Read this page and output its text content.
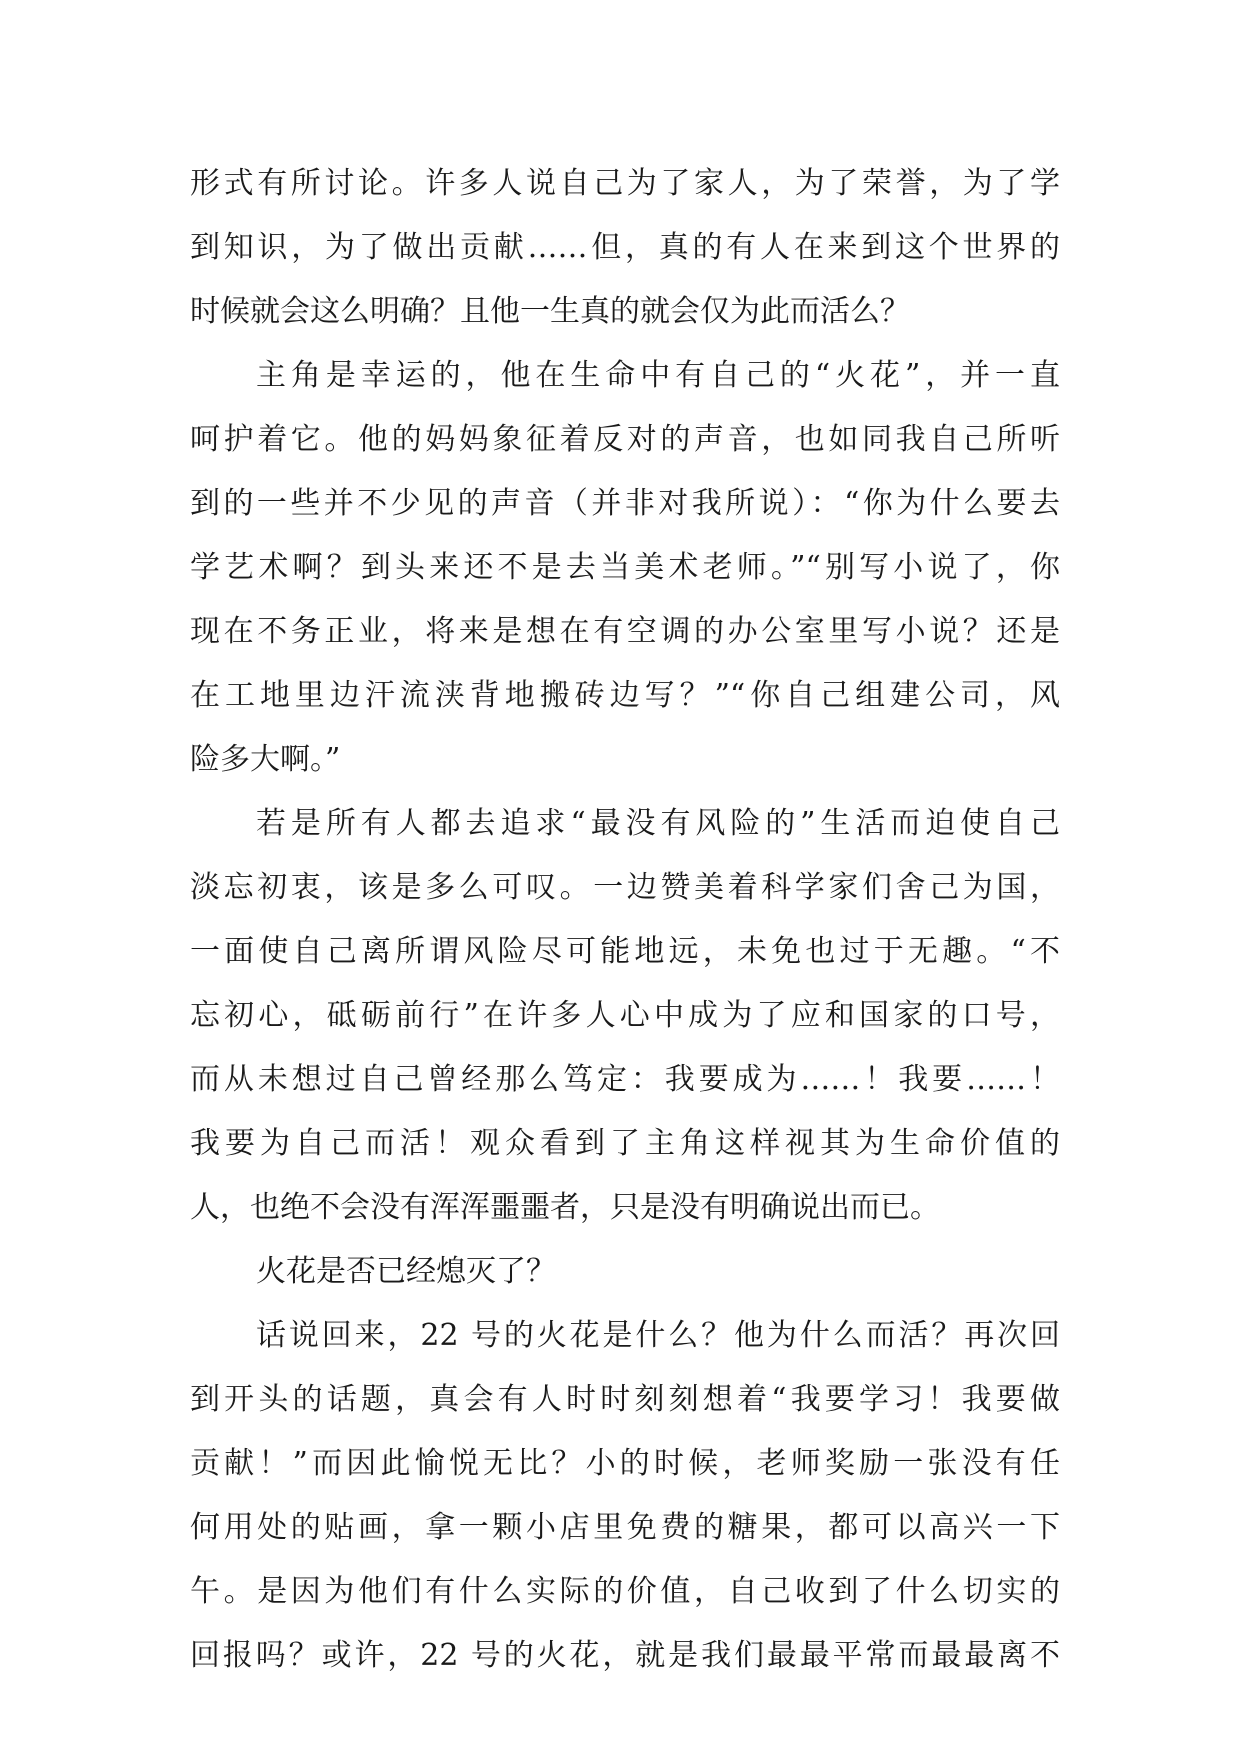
形式有所讨论。许多人说自己为了家人，为了荣誉，为了学
到知识，为了做出贡献……但，真的有人在来到这个世界的
时候就会这么明确？且他一生真的就会仅为此而活么？
主角是幸运的，他在生命中有自己的“火花”，并一直
呵护着它。他的妈妈象征着反对的声音，也如同我自己所听
到的一些并不少见的声音（并非对我所说）：“你为什么要去
学艺术啊？到头来还不是去当美术老师。”“别写小说了，你
现在不务正业，将来是想在有空调的办公室里写小说？还是
在工地里边汗流浃背地搬砖边写？”“你自己组建公司，风
险多大啊。”
若是所有人都去追求“最没有风险的”生活而迫使自己
淡忘初衷，该是多么可叹。一边赞美着科学家们舍己为国，
一面使自己离所谓风险尽可能地远，未免也过于无趣。“不
忘初心，砥砺前行”在许多人心中成为了应和国家的口号，
而从未想过自己曾经那么笃定：我要成为……！我要……！
我要为自己而活！观众看到了主角这样视其为生命价值的
人，也绝不会没有浑浑噩噩者，只是没有明确说出而已。
火花是否已经熄灭了？
话说回来，22 号的火花是什么？他为什么而活？再次回
到开头的话题，真会有人时时刻刻想着“我要学习！我要做
贡献！”而因此愉悦无比？小的时候，老师奖励一张没有任
何用处的贴画，拿一颗小店里免费的糖果，都可以高兴一下
午。是因为他们有什么实际的价值，自己收到了什么切实的
回报吗？或许，22 号的火花，就是我们最最平常而最最离不
